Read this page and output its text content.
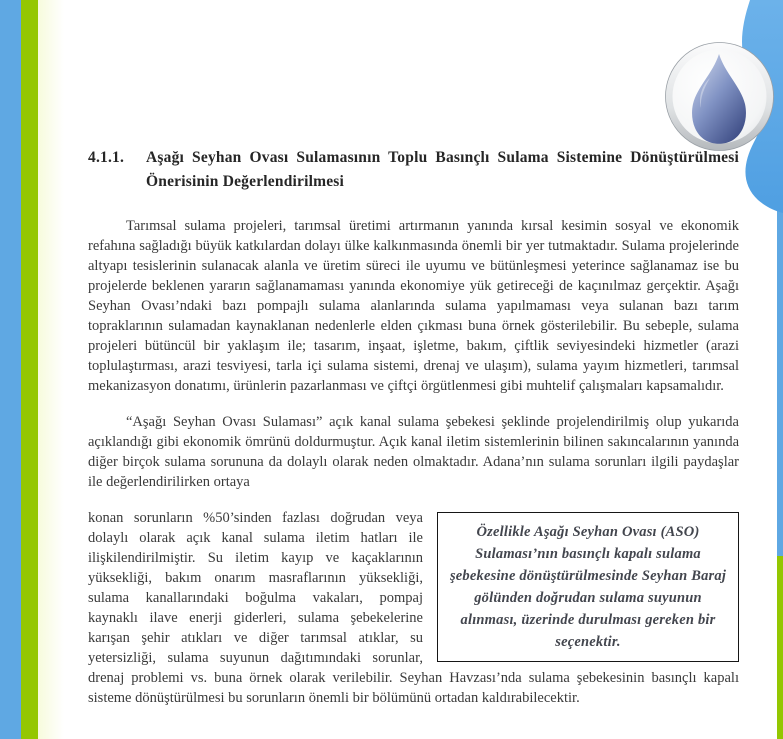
4.1.1.	Aşağı Seyhan Ovası Sulamasının Toplu Basınçlı Sulama Sistemine Dönüştürülmesi Önerisinin Değerlendirilmesi

Tarımsal sulama projeleri, tarımsal üretimi artırmanın yanında kırsal kesimin sosyal ve ekonomik refahına sağladığı büyük katkılardan dolayı ülke kalkınmasında önemli bir yer tutmaktadır. Sulama projelerinde altyapı tesislerinin sulanacak alanla ve üretim süreci ile uyumu ve bütünleşmesi yeterince sağlanamaz ise bu projelerde beklenen yararın sağlanamaması yanında ekonomiye yük getireceği de kaçınılmaz gerçektir. Aşağı Seyhan Ovası’ndaki bazı pompajlı sulama alanlarında sulama yapılmaması veya sulanan bazı tarım topraklarının sulamadan kaynaklanan nedenlerle elden çıkması buna örnek gösterilebilir. Bu sebeple, sulama projeleri bütüncül bir yaklaşım ile; tasarım, inşaat, işletme, bakım, çiftlik seviyesindeki hizmetler (arazi toplulaştırması, arazi tesviyesi, tarla içi sulama sistemi, drenaj ve ulaşım), sulama yayım hizmetleri, tarımsal mekanizasyon donatımı, ürünlerin pazarlanması ve çiftçi örgütlenmesi gibi muhtelif çalışmaları kapsamalıdır.

“Aşağı Seyhan Ovası Sulaması” açık kanal sulama şebekesi şeklinde projelendirilmiş olup yukarıda açıklandığı gibi ekonomik ömrünü doldurmuştur. Açık kanal iletim sistemlerinin bilinen sakıncalarının yanında diğer birçok sulama sorununa da dolaylı olarak neden olmaktadır. Adana’nın sulama sorunları ilgili paydaşlar ile değerlendirilirken ortaya

Özellikle Aşağı Seyhan Ovası (ASO) Sulaması’nın basınçlı kapalı sulama şebekesine dönüştürülmesinde Seyhan Baraj gölünden doğrudan sulama suyunun alınması, üzerinde durulması gereken bir seçenektir.

konan sorunların %50’sinden fazlası doğrudan veya dolaylı olarak açık kanal sulama iletim hatları ile ilişkilendirilmiştir. Su iletim kayıp ve kaçaklarının yüksekliği, bakım onarım masraflarının yüksekliği, sulama kanallarındaki boğulma vakaları, pompaj kaynaklı ilave enerji giderleri, sulama şebekelerine karışan şehir atıkları ve diğer tarımsal atıklar, su yetersizliği, sulama suyunun dağıtımındaki sorunlar, drenaj problemi vs. buna örnek olarak verilebilir. Seyhan Havzası’nda sulama şebekesinin basınçlı kapalı sisteme dönüştürülmesi bu sorunların önemli bir bölümünü ortadan kaldırabilecektir.
